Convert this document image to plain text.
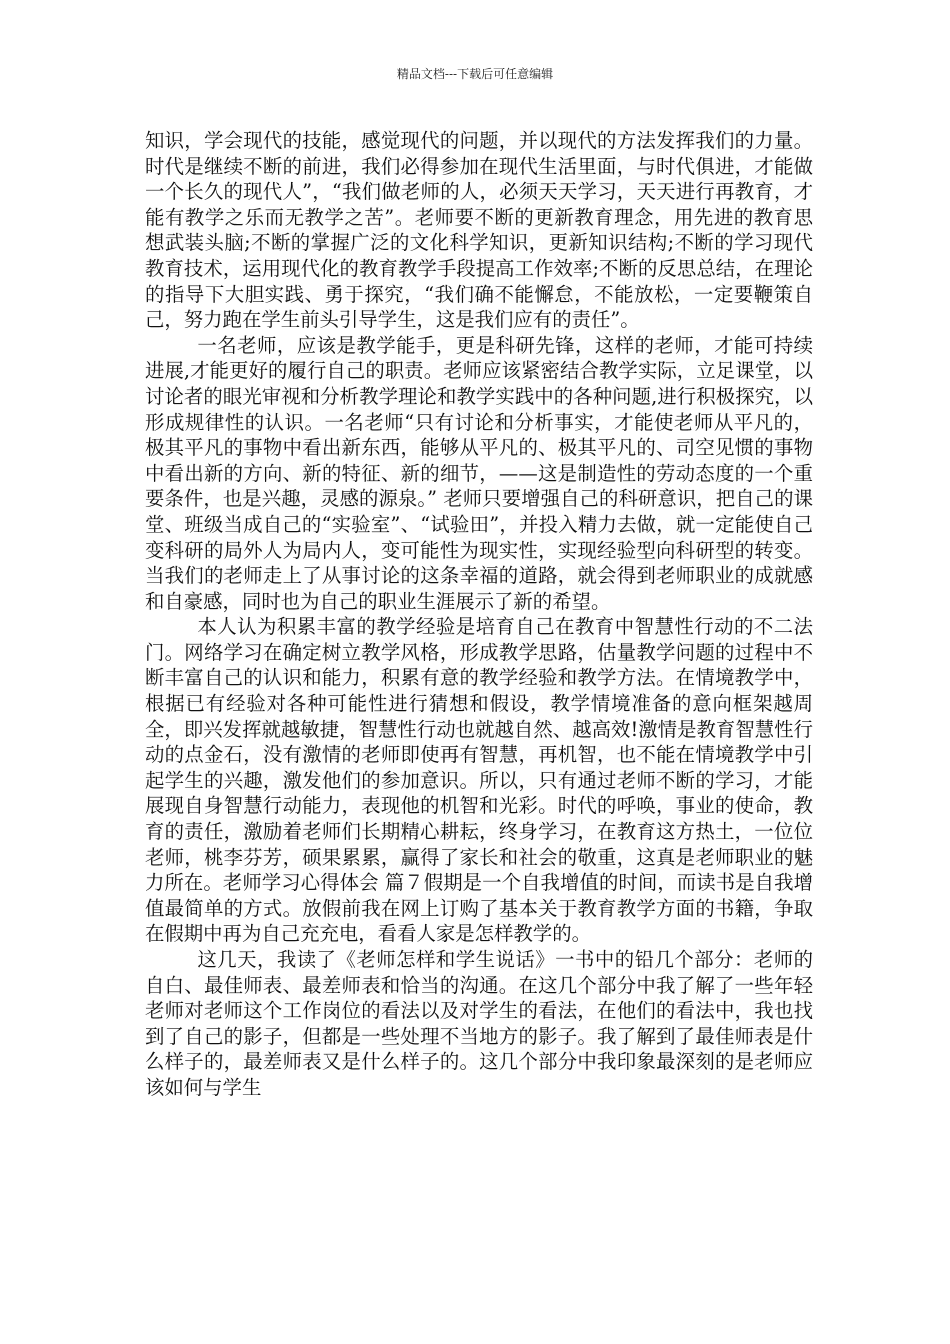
精品文档---下载后可任意编辑

知识，学会现代的技能，感觉现代的问题，并以现代的方法发挥我们的力量。时代是继续不断的前进，我们必得参加在现代生活里面，与时代俱进，才能做一个长久的现代人”，“我们做老师的人，必须天天学习，天天进行再教育，才能有教学之乐而无教学之苦”。老师要不断的更新教育理念，用先进的教育思想武装头脑;不断的掌握广泛的文化科学知识，更新知识结构;不断的学习现代教育技术，运用现代化的教育教学手段提高工作效率;不断的反思总结，在理论的指导下大胆实践、勇于探究，“我们确不能懈怠，不能放松，一定要鞭策自己，努力跑在学生前头引导学生，这是我们应有的责任”。

一名老师，应该是教学能手，更是科研先锋，这样的老师，才能可持续进展,才能更好的履行自己的职责。老师应该紧密结合教学实际，立足课堂，以讨论者的眼光审视和分析教学理论和教学实践中的各种问题,进行积极探究，以形成规律性的认识。一名老师“只有讨论和分析事实，才能使老师从平凡的，极其平凡的事物中看出新东西，能够从平凡的、极其平凡的、司空见惯的事物中看出新的方向、新的特征、新的细节，——这是制造性的劳动态度的一个重要条件，也是兴趣，灵感的源泉。” 老师只要增强自己的科研意识，把自己的课堂、班级当成自己的“实验室”、“试验田”，并投入精力去做，就一定能使自己变科研的局外人为局内人，变可能性为现实性，实现经验型向科研型的转变。当我们的老师走上了从事讨论的这条幸福的道路，就会得到老师职业的成就感和自豪感，同时也为自己的职业生涯展示了新的希望。

本人认为积累丰富的教学经验是培育自己在教育中智慧性行动的不二法门。网络学习在确定树立教学风格，形成教学思路，估量教学问题的过程中不断丰富自己的认识和能力，积累有意的教学经验和教学方法。在情境教学中，根据已有经验对各种可能性进行猜想和假设，教学情境准备的意向框架越周全，即兴发挥就越敏捷，智慧性行动也就越自然、越高效!激情是教育智慧性行动的点金石，没有激情的老师即使再有智慧，再机智，也不能在情境教学中引起学生的兴趣，激发他们的参加意识。所以，只有通过老师不断的学习，才能展现自身智慧行动能力，表现他的机智和光彩。时代的呼唤，事业的使命，教育的责任，激励着老师们长期精心耕耘，终身学习，在教育这方热土，一位位老师，桃李芬芳，硕果累累，赢得了家长和社会的敬重，这真是老师职业的魅力所在。老师学习心得体会 篇７假期是一个自我增值的时间，而读书是自我增值最简单的方式。放假前我在网上订购了基本关于教育教学方面的书籍，争取在假期中再为自己充充电，看看人家是怎样教学的。

这几天，我读了《老师怎样和学生说话》一书中的铅几个部分：老师的自白、最佳师表、最差师表和恰当的沟通。在这几个部分中我了解了一些年轻老师对老师这个工作岗位的看法以及对学生的看法，在他们的看法中，我也找到了自己的影子，但都是一些处理不当地方的影子。我了解到了最佳师表是什么样子的，最差师表又是什么样子的。这几个部分中我印象最深刻的是老师应该如何与学生
